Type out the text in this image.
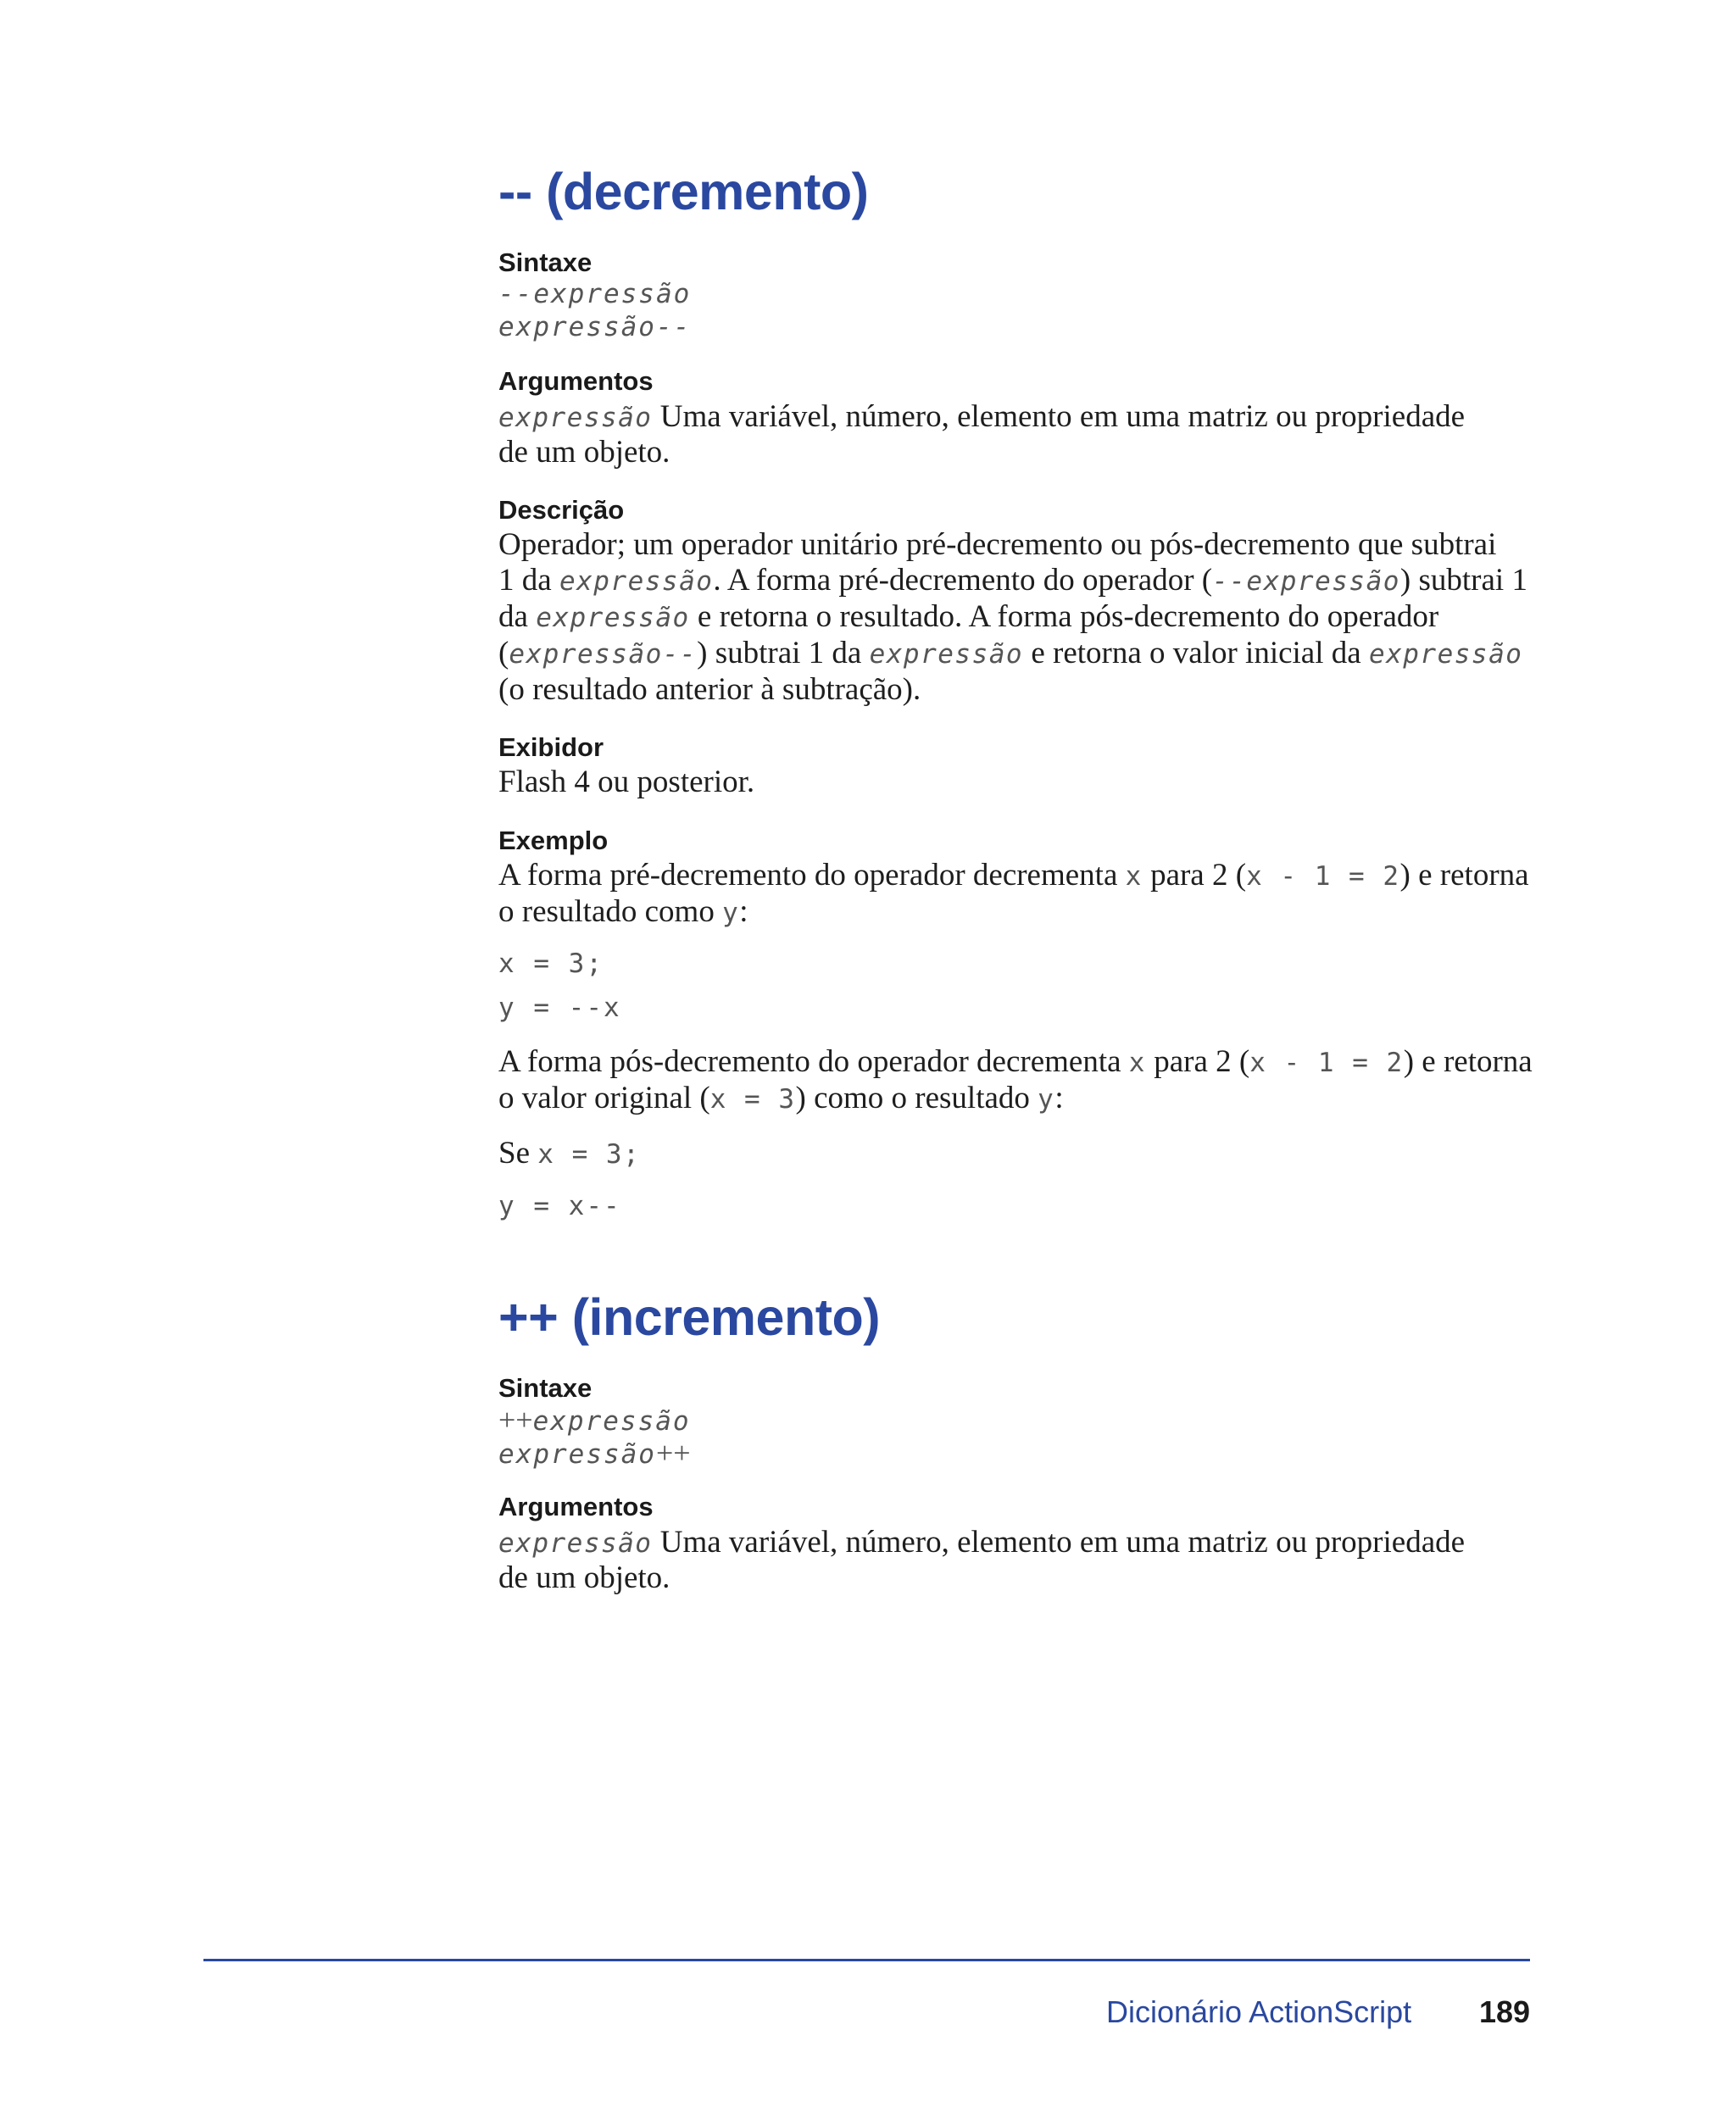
-- (decremento)

Sintaxe

--expressão

expressão--

Argumentos

expressão Uma variável, número, elemento em uma matriz ou propriedade

de um objeto.

Descrição

Operador; um operador unitário pré-decremento ou pós-decremento que subtrai
1 da expressão. A forma pré-decremento do operador (--expressão) subtrai 1
da expressão e retorna o resultado. A forma pós-decremento do operador
(expressão--) subtrai 1 da expressão e retorna o valor inicial da expressão
(o resultado anterior à subtração).

Exibidor

Flash 4 ou posterior.

Exemplo

A forma pré-decremento do operador decrementa x para 2 (x - 1 = 2) e retorna
o resultado como y:

x = 3;

y = --x

A forma pós-decremento do operador decrementa x para 2 (x - 1 = 2) e retorna
o valor original (x = 3) como o resultado y:

Se x = 3;

y = x--

++ (incremento)

Sintaxe

++expressão

expressão++

Argumentos

expressão Uma variável, número, elemento em uma matriz ou propriedade

de um objeto.

Dicionário ActionScript 189
